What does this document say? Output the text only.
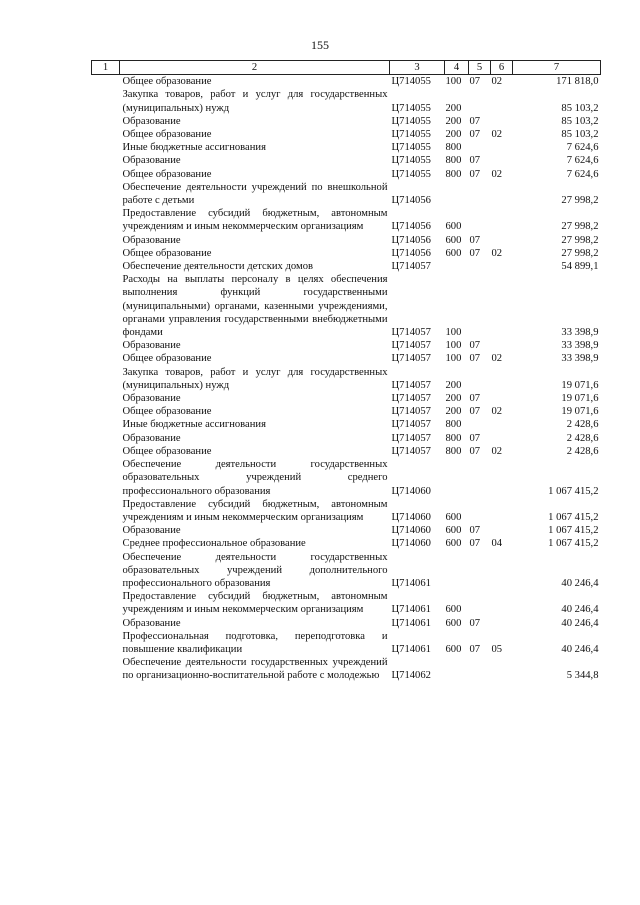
155
1	2	3	4	5	6	7
	Общее образование	Ц714055	100	07	02	171 818,0
	Закупка товаров, работ и услуг для государственных (муниципальных) нужд	Ц714055	200			85 103,2
	Образование	Ц714055	200	07		85 103,2
	Общее образование	Ц714055	200	07	02	85 103,2
	Иные бюджетные ассигнования	Ц714055	800			7 624,6
	Образование	Ц714055	800	07		7 624,6
	Общее образование	Ц714055	800	07	02	7 624,6
	Обеспечение деятельности учреждений по внешкольной работе с детьми	Ц714056				27 998,2
	Предоставление субсидий бюджетным, автономным учреждениям и иным некоммерческим организациям	Ц714056	600			27 998,2
	Образование	Ц714056	600	07		27 998,2
	Общее образование	Ц714056	600	07	02	27 998,2
	Обеспечение деятельности детских домов	Ц714057				54 899,1
	Расходы на выплаты персоналу в целях обеспечения выполнения функций государственными (муниципальными) органами, казенными учреждениями, органами управления государственными внебюджетными фондами	Ц714057	100			33 398,9
	Образование	Ц714057	100	07		33 398,9
	Общее образование	Ц714057	100	07	02	33 398,9
	Закупка товаров, работ и услуг для государственных (муниципальных) нужд	Ц714057	200			19 071,6
	Образование	Ц714057	200	07		19 071,6
	Общее образование	Ц714057	200	07	02	19 071,6
	Иные бюджетные ассигнования	Ц714057	800			2 428,6
	Образование	Ц714057	800	07		2 428,6
	Общее образование	Ц714057	800	07	02	2 428,6
	Обеспечение деятельности государственных образовательных учреждений среднего профессионального образования	Ц714060				1 067 415,2
	Предоставление субсидий бюджетным, автономным учреждениям и иным некоммерческим организациям	Ц714060	600			1 067 415,2
	Образование	Ц714060	600	07		1 067 415,2
	Среднее профессиональное образование	Ц714060	600	07	04	1 067 415,2
	Обеспечение деятельности государственных образовательных учреждений дополнительного профессионального образования	Ц714061				40 246,4
	Предоставление субсидий бюджетным, автономным учреждениям и иным некоммерческим организациям	Ц714061	600			40 246,4
	Образование	Ц714061	600	07		40 246,4
	Профессиональная подготовка, переподготовка и повышение квалификации	Ц714061	600	07	05	40 246,4
	Обеспечение деятельности государственных учреждений по организационно-воспитательной работе с молодежью	Ц714062				5 344,8
